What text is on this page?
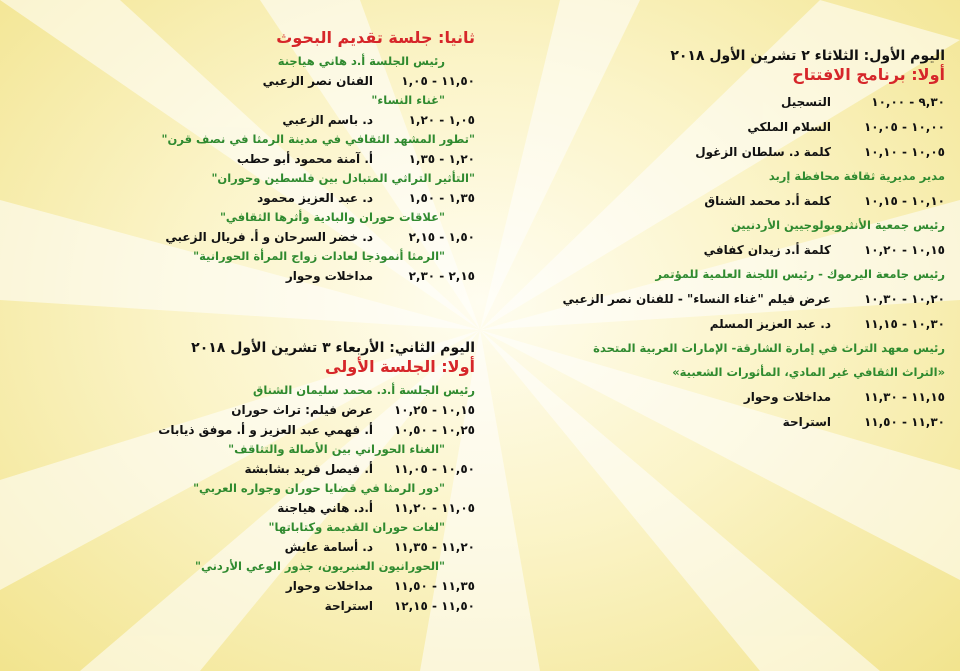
اليوم الأول: الثلاثاء ٢ تشرين الأول ٢٠١٨
أولا: برنامج الافتتاح
٩,٣٠ - ١٠,٠٠
التسجيل
١٠,٠٠ - ١٠,٠٥
السلام الملكي
١٠,٠٥ - ١٠,١٠
كلمة د. سلطان الزغول
مدير مديرية ثقافة محافظة إربد
١٠,١٠ - ١٠,١٥
كلمة أ.د محمد الشناق
رئيس جمعية الأنثروبولوجيين الأردنيين
١٠,١٥ - ١٠,٢٠
كلمة أ.د زيدان كفافي
رئيس جامعة اليرموك - رئيس اللجنة العلمية للمؤتمر
١٠,٢٠ - ١٠,٣٠
عرض فيلم "غناء النساء" - للفنان نصر الزعبي
١٠,٣٠ - ١١,١٥
د. عبد العزيز المسلم
رئيس معهد التراث في إمارة الشارقة- الإمارات العربية المتحدة
«التراث الثقافي غير المادي، المأثورات الشعبية»
١١,١٥ - ١١,٣٠
مداخلات وحوار
١١,٣٠ - ١١,٥٠
استراحة
ثانيا: جلسة تقديم البحوث
رئيس الجلسة أ.د هاني هياجنة
١١,٥٠ - ١,٠٥
الفنان نصر الزعبي
"غناء النساء"
١,٠٥ - ١,٢٠
د. باسم الزعبي
"تطور المشهد الثقافي في مدينة الرمثا في نصف قرن"
١,٢٠ - ١,٣٥
أ. آمنة محمود أبو حطب
"التأثير التراثي المتبادل بين فلسطين وحوران"
١,٣٥ - ١,٥٠
د. عبد العزيز محمود
"علاقات حوران والبادية وأثرها الثقافي"
١,٥٠ - ٢,١٥
د. خضر السرحان و أ. فريال الزعبي
"الرمثا أنموذجا لعادات زواج المرأة الحورانية"
٢,١٥ - ٢,٣٠
مداخلات وحوار
اليوم الثاني: الأربعاء ٣ تشرين الأول ٢٠١٨
أولا: الجلسة الأولى
رئيس الجلسة أ.د. محمد سليمان الشناق
١٠,١٥ - ١٠,٢٥
عرض فيلم: تراث حوران
١٠,٢٥ - ١٠,٥٠
أ. فهمي عبد العزيز و أ. موفق ذيابات
"الغناء الحوراني بين الأصالة والتثاقف"
١٠,٥٠ - ١١,٠٥
أ. فيصل فريد بشابشة
"دور الرمثا في قضايا حوران وجواره العربي"
١١,٠٥ - ١١,٢٠
أ.د. هاني هياجنة
"لغات حوران القديمة وكتاباتها"
١١,٢٠ - ١١,٣٥
د. أسامة عايش
"الحورانيون العنبريون، جذور الوعي الأردني"
١١,٣٥ - ١١,٥٠
مداخلات وحوار
١١,٥٠ - ١٢,١٥
استراحة
